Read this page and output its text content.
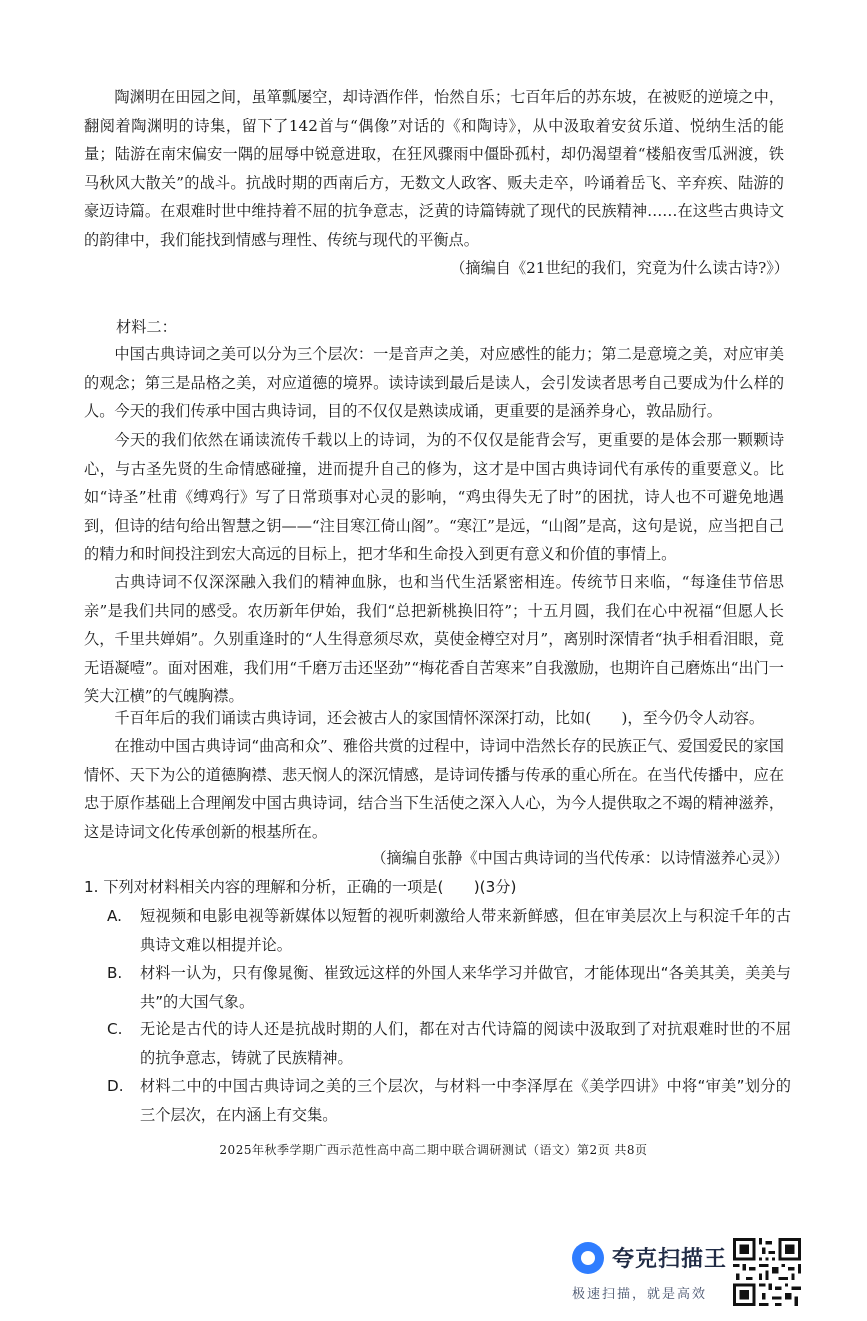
陶渊明在田园之间，虽箪瓢屡空，却诗酒作伴，怡然自乐；七百年后的苏东坡，在被贬的逆境之中，翻阅着陶渊明的诗集，留下了142首与“偶像”对话的《和陶诗》，从中汲取着安贫乐道、悦纳生活的能量；陆游在南宋偏安一隅的屈辱中锐意进取，在狂风骤雨中僵卧孤村，却仍渴望着“楼船夜雪瓜洲渡，铁马秋风大散关”的战斗。抗战时期的西南后方，无数文人政客、贩夫走卒，吟诵着岳飞、辛弃疾、陆游的豪迈诗篇。在艰难时世中维持着不屈的抗争意志，泛黄的诗篇铸就了现代的民族精神……在这些古典诗文的韵律中，我们能找到情感与理性、传统与现代的平衡点。

（摘编自《21世纪的我们，究竟为什么读古诗?》）

材料二：

中国古典诗词之美可以分为三个层次：一是音声之美，对应感性的能力；第二是意境之美，对应审美的观念；第三是品格之美，对应道德的境界。读诗读到最后是读人，会引发读者思考自己要成为什么样的人。今天的我们传承中国古典诗词，目的不仅仅是熟读成诵，更重要的是涵养身心，敦品励行。

今天的我们依然在诵读流传千载以上的诗词，为的不仅仅是能背会写，更重要的是体会那一颗颗诗心，与古圣先贤的生命情感碰撞，进而提升自己的修为，这才是中国古典诗词代有承传的重要意义。比如“诗圣”杜甫《缚鸡行》写了日常琐事对心灵的影响，“鸡虫得失无了时”的困扰，诗人也不可避免地遇到，但诗的结句给出智慧之钥——“注目寒江倚山阁”。“寒江”是远，“山阁”是高，这句是说，应当把自己的精力和时间投注到宏大高远的目标上，把才华和生命投入到更有意义和价值的事情上。

古典诗词不仅深深融入我们的精神血脉，也和当代生活紧密相连。传统节日来临，“每逢佳节倍思亲”是我们共同的感受。农历新年伊始，我们“总把新桃换旧符”；十五月圆，我们在心中祝福“但愿人长久，千里共婵娟”。久别重逢时的“人生得意须尽欢，莫使金樽空对月”，离别时深情者“执手相看泪眼，竟无语凝噎”。面对困难，我们用“千磨万击还坚劲”“梅花香自苦寒来”自我激励，也期许自己磨炼出“出门一笑大江横”的气魄胸襟。

千百年后的我们诵读古典诗词，还会被古人的家国情怀深深打动，比如(　　)，至今仍令人动容。

在推动中国古典诗词“曲高和众”、雅俗共赏的过程中，诗词中浩然长存的民族正气、爱国爱民的家国情怀、天下为公的道德胸襟、悲天悯人的深沉情感，是诗词传播与传承的重心所在。在当代传播中，应在忠于原作基础上合理阐发中国古典诗词，结合当下生活使之深入人心，为今人提供取之不竭的精神滋养，这是诗词文化传承创新的根基所在。

（摘编自张静《中国古典诗词的当代传承：以诗情滋养心灵》）

1. 下列对材料相关内容的理解和分析，正确的一项是(　　)(3分)

A.	短视频和电影电视等新媒体以短暂的视听刺激给人带来新鲜感，但在审美层次上与积淀千年的古典诗文难以相提并论。
B.	材料一认为，只有像晁衡、崔致远这样的外国人来华学习并做官，才能体现出“各美其美，美美与共”的大国气象。
C.	无论是古代的诗人还是抗战时期的人们，都在对古代诗篇的阅读中汲取到了对抗艰难时世的不屈的抗争意志，铸就了民族精神。
D.	材料二中的中国古典诗词之美的三个层次，与材料一中李泽厚在《美学四讲》中将“审美”划分的三个层次，在内涵上有交集。
2025年秋季学期广西示范性高中高二期中联合调研测试（语文）第2页 共8页
夸克扫描王
极速扫描，就是高效
